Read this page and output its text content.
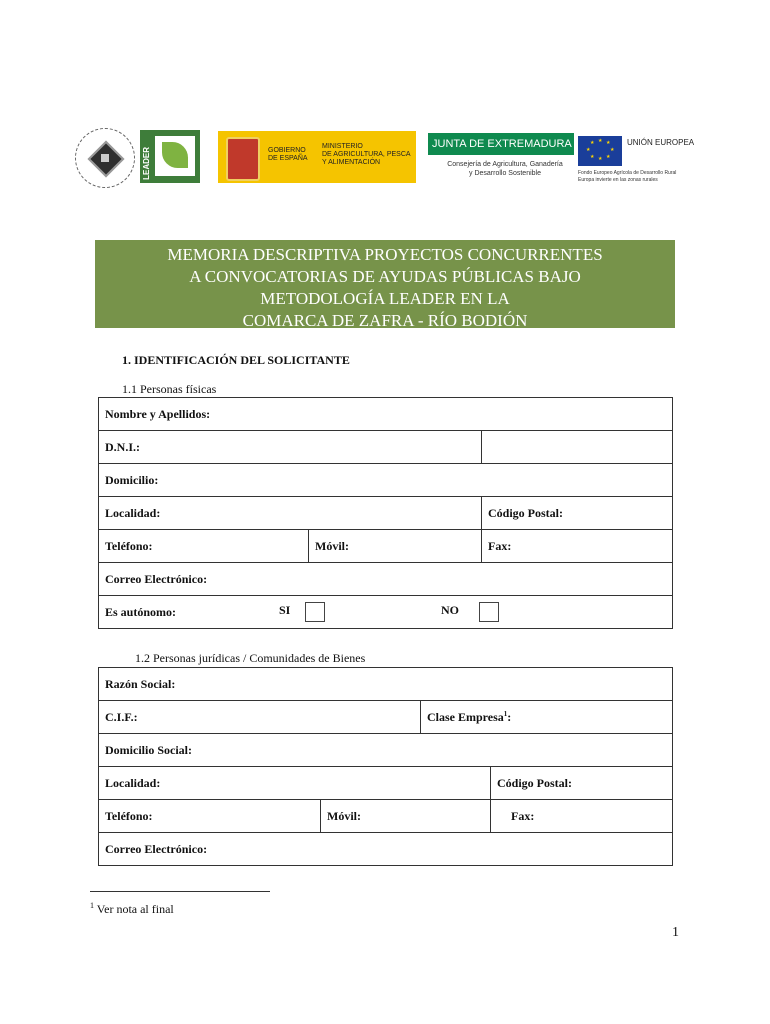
LEADER	GOBIERNO
DE ESPAÑA
MINISTERIO
DE AGRICULTURA, PESCA
Y ALIMENTACIÓN
JUNTA DE EXTREMADURA
Consejería de Agricultura, Ganadería
y Desarrollo Sostenible
★ ★
★
★
★
★
★
★	UNIÓN EUROPEA
Fondo Europeo Agrícola de Desarrollo Rural
Europa invierte en las zonas rurales
MEMORIA DESCRIPTIVA PROYECTOS CONCURRENTES
A CONVOCATORIAS DE AYUDAS PÚBLICAS BAJO
METODOLOGÍA LEADER EN LA
COMARCA DE ZAFRA - RÍO BODIÓN
1. IDENTIFICACIÓN DEL SOLICITANTE
1.1 Personas físicas
Nombre y Apellidos:		
D.N.I.:		
Domicilio:		
Localidad:		Código Postal:
Teléfono:	Móvil:	Fax:
Correo Electrónico:		
Es autónomo: SI NO		
1.2 Personas jurídicas / Comunidades de Bienes
Razón Social:			
C.I.F.:		Clase Empresa$^1$:	
Domicilio Social:			
Localidad:			Código Postal:
Teléfono:	Móvil:		Fax:
Correo Electrónico:			
$^1$ Ver nota al final
1
